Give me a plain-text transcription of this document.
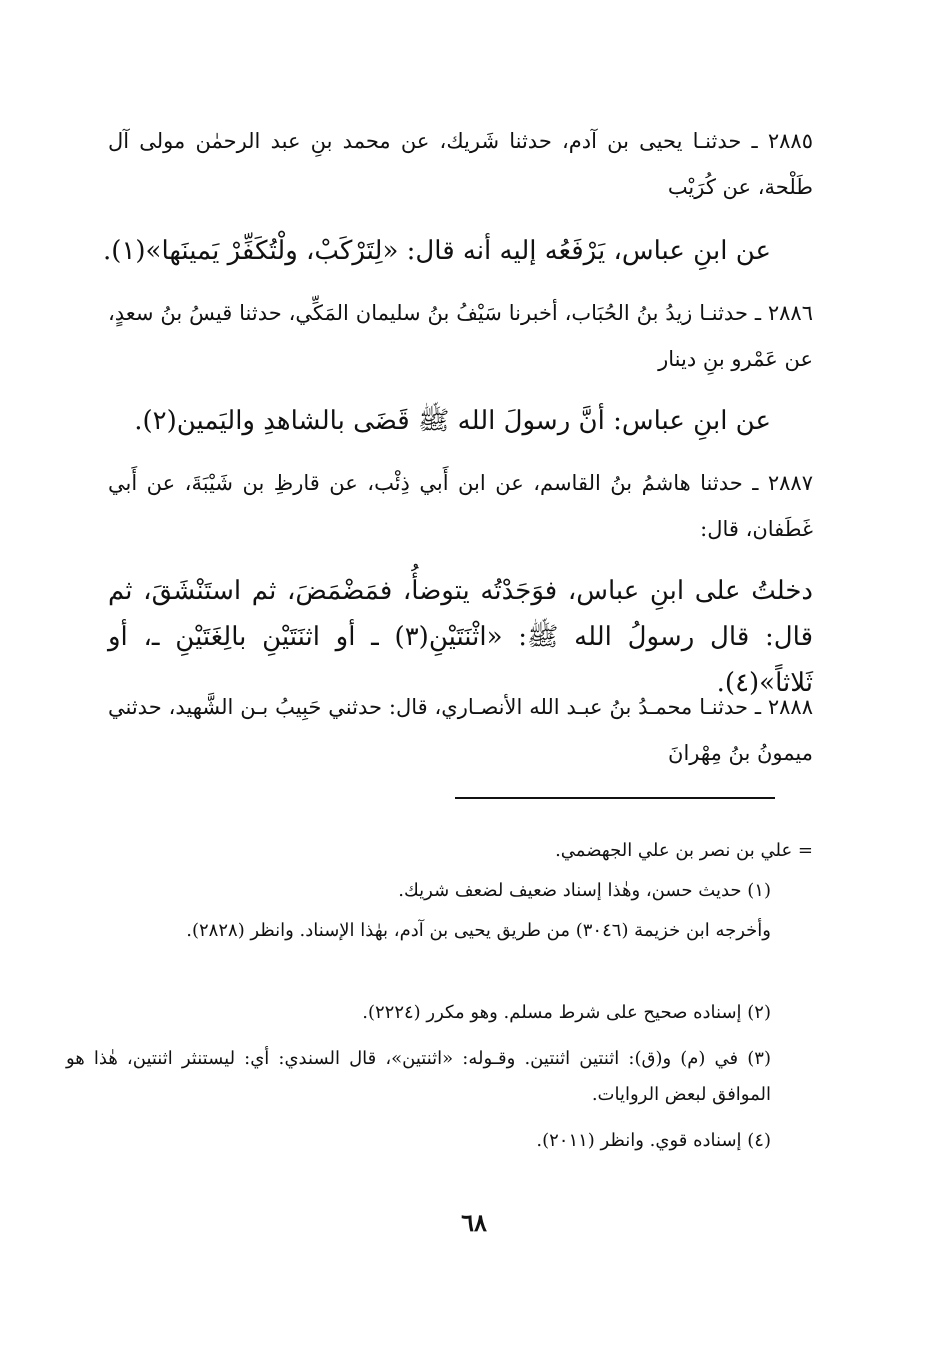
٢٨٨٥ ـ حدثنـا يحيى بن آدم، حدثنا شَريك، عن محمد بنِ عبد الرحمٰن مولى آل طَلْحة، عن كُرَيْب
عن ابنِ عباس، يَرْفَعُه إليه أنه قال: «لِتَرْكَبْ، ولْتُكَفِّرْ يَمينَها»(١).
٢٨٨٦ ـ حدثنـا زيدُ بنُ الحُبَاب، أخبرنا سَيْفُ بنُ سليمان المَكِّي، حدثنا قيسُ بنُ سعدٍ، عن عَمْرو بنِ دينار
عن ابنِ عباس: أنَّ رسولَ الله ﷺ قَضَى بالشاهدِ واليَمين(٢).
٢٨٨٧ ـ حدثنا هاشمُ بنُ القاسم، عن ابن أَبي ذِئْب، عن قارظِ بن شَيْبَةَ، عن أَبي غَطَفان، قال:
دخلتُ على ابنِ عباس، فوَجَدْتُه يتوضأُ، فمَضْمَضَ، ثم استَنْشَقَ، ثم قال: قال رسولُ الله ﷺ: «اثْنَتَيْنِ(٣) ـ أو اثنَتَيْنِ بالِغَتَيْنِ ـ، أو ثَلاثاً»(٤).
٢٨٨٨ ـ حدثنـا محمـدُ بنُ عبـد الله الأنصـاري، قال: حدثني حَبِيبُ بـن الشَّهيد، حدثني ميمونُ بنُ مِهْرانَ
= علي بن نصر بن علي الجهضمي.
(١) حديث حسن، وهٰذا إسناد ضعيف لضعف شريك.
وأخرجه ابن خزيمة (٣٠٤٦) من طريق يحيى بن آدم، بهٰذا الإسناد. وانظر (٢٨٢٨).
(٢) إسناده صحيح على شرط مسلم. وهو مكرر (٢٢٢٤).
(٣) في (م) و(ق): اثنتين اثنتين. وقـوله: «اثنتين»، قال السندي: أي: ليستنثر اثنتين، هٰذا هو الموافق لبعض الروايات.
(٤) إسناده قوي. وانظر (٢٠١١).
٦٨
